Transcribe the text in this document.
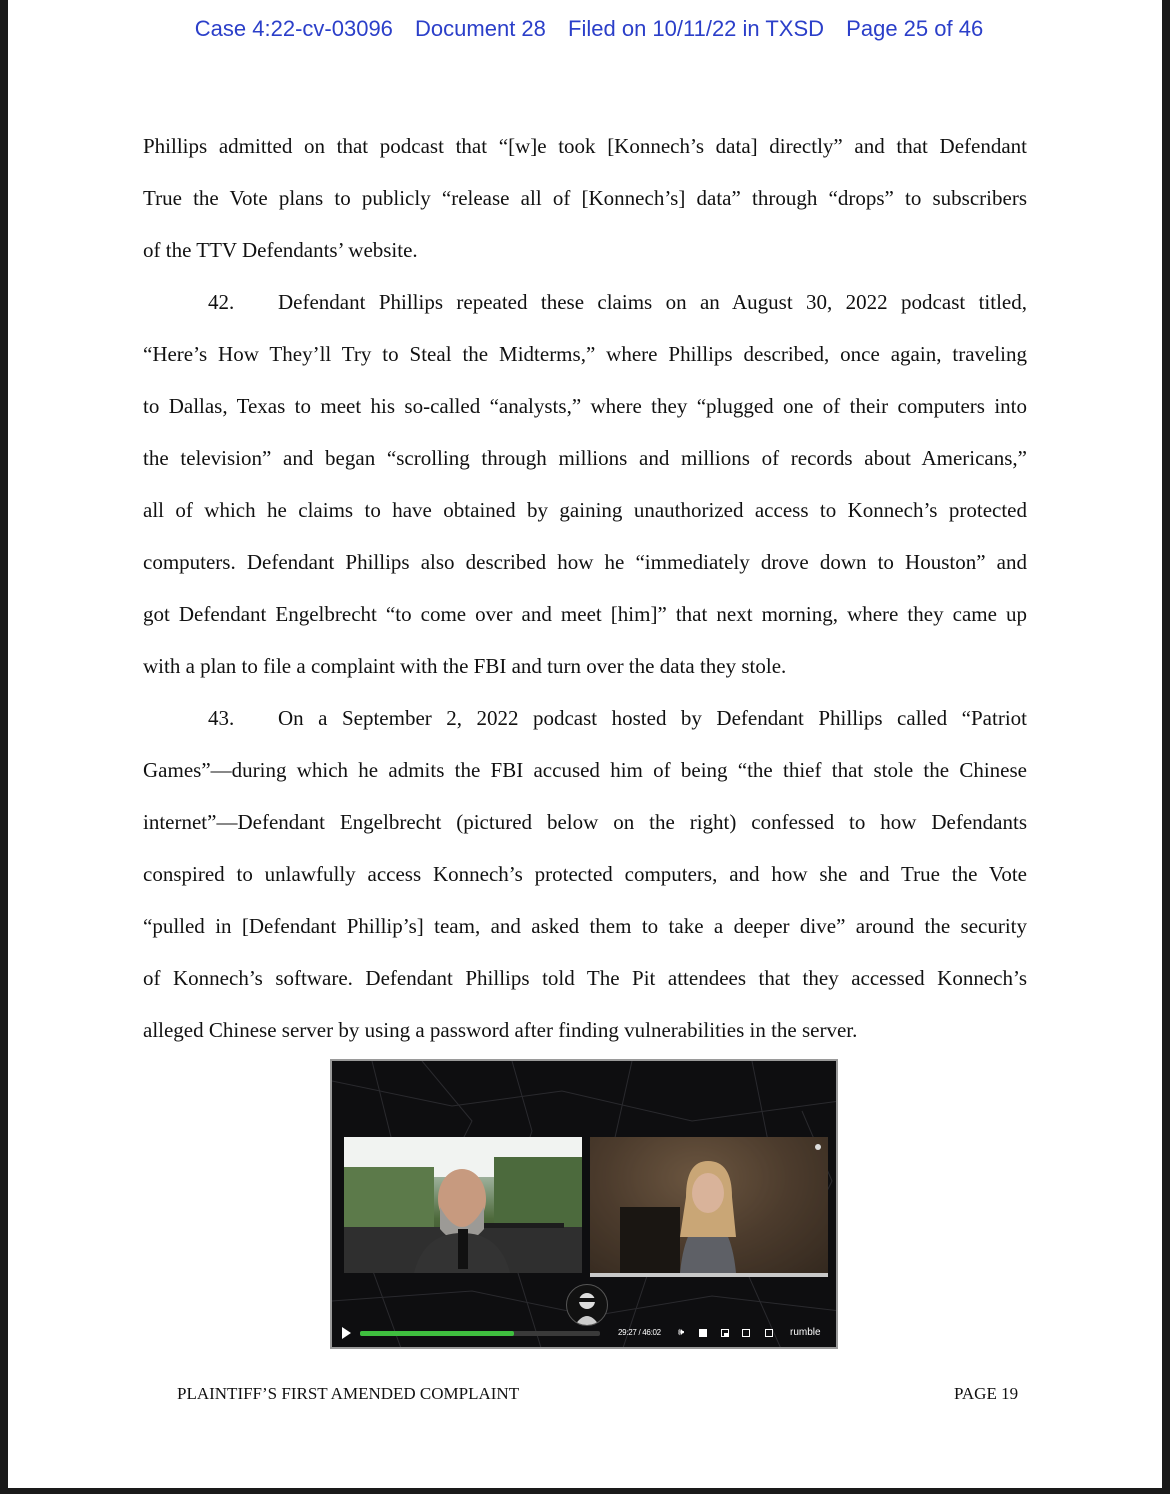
Case 4:22-cv-03096 Document 28 Filed on 10/11/22 in TXSD Page 25 of 46
Phillips admitted on that podcast that “[w]e took [Konnech’s data] directly” and that Defendant
True the Vote plans to publicly “release all of [Konnech’s] data” through “drops” to subscribers
of the TTV Defendants’ website.
42. Defendant Phillips repeated these claims on an August 30, 2022 podcast titled,
“Here’s How They’ll Try to Steal the Midterms,” where Phillips described, once again, traveling
to Dallas, Texas to meet his so-called “analysts,” where they “plugged one of their computers into
the television” and began “scrolling through millions and millions of records about Americans,”
all of which he claims to have obtained by gaining unauthorized access to Konnech’s protected
computers. Defendant Phillips also described how he “immediately drove down to Houston” and
got Defendant Engelbrecht “to come over and meet [him]” that next morning, where they came up
with a plan to file a complaint with the FBI and turn over the data they stole.
43. On a September 2, 2022 podcast hosted by Defendant Phillips called “Patriot
Games”—during which he admits the FBI accused him of being “the thief that stole the Chinese
internet”—Defendant Engelbrecht (pictured below on the right) confessed to how Defendants
conspired to unlawfully access Konnech’s protected computers, and how she and True the Vote
“pulled in [Defendant Phillip’s] team, and asked them to take a deeper dive” around the security
of Konnech’s software. Defendant Phillips told The Pit attendees that they accessed Konnech’s
alleged Chinese server by using a password after finding vulnerabilities in the server.
29:27 / 46:02 🕪	rumble
PLAINTIFF’S FIRST AMENDED COMPLAINT	PAGE 19
